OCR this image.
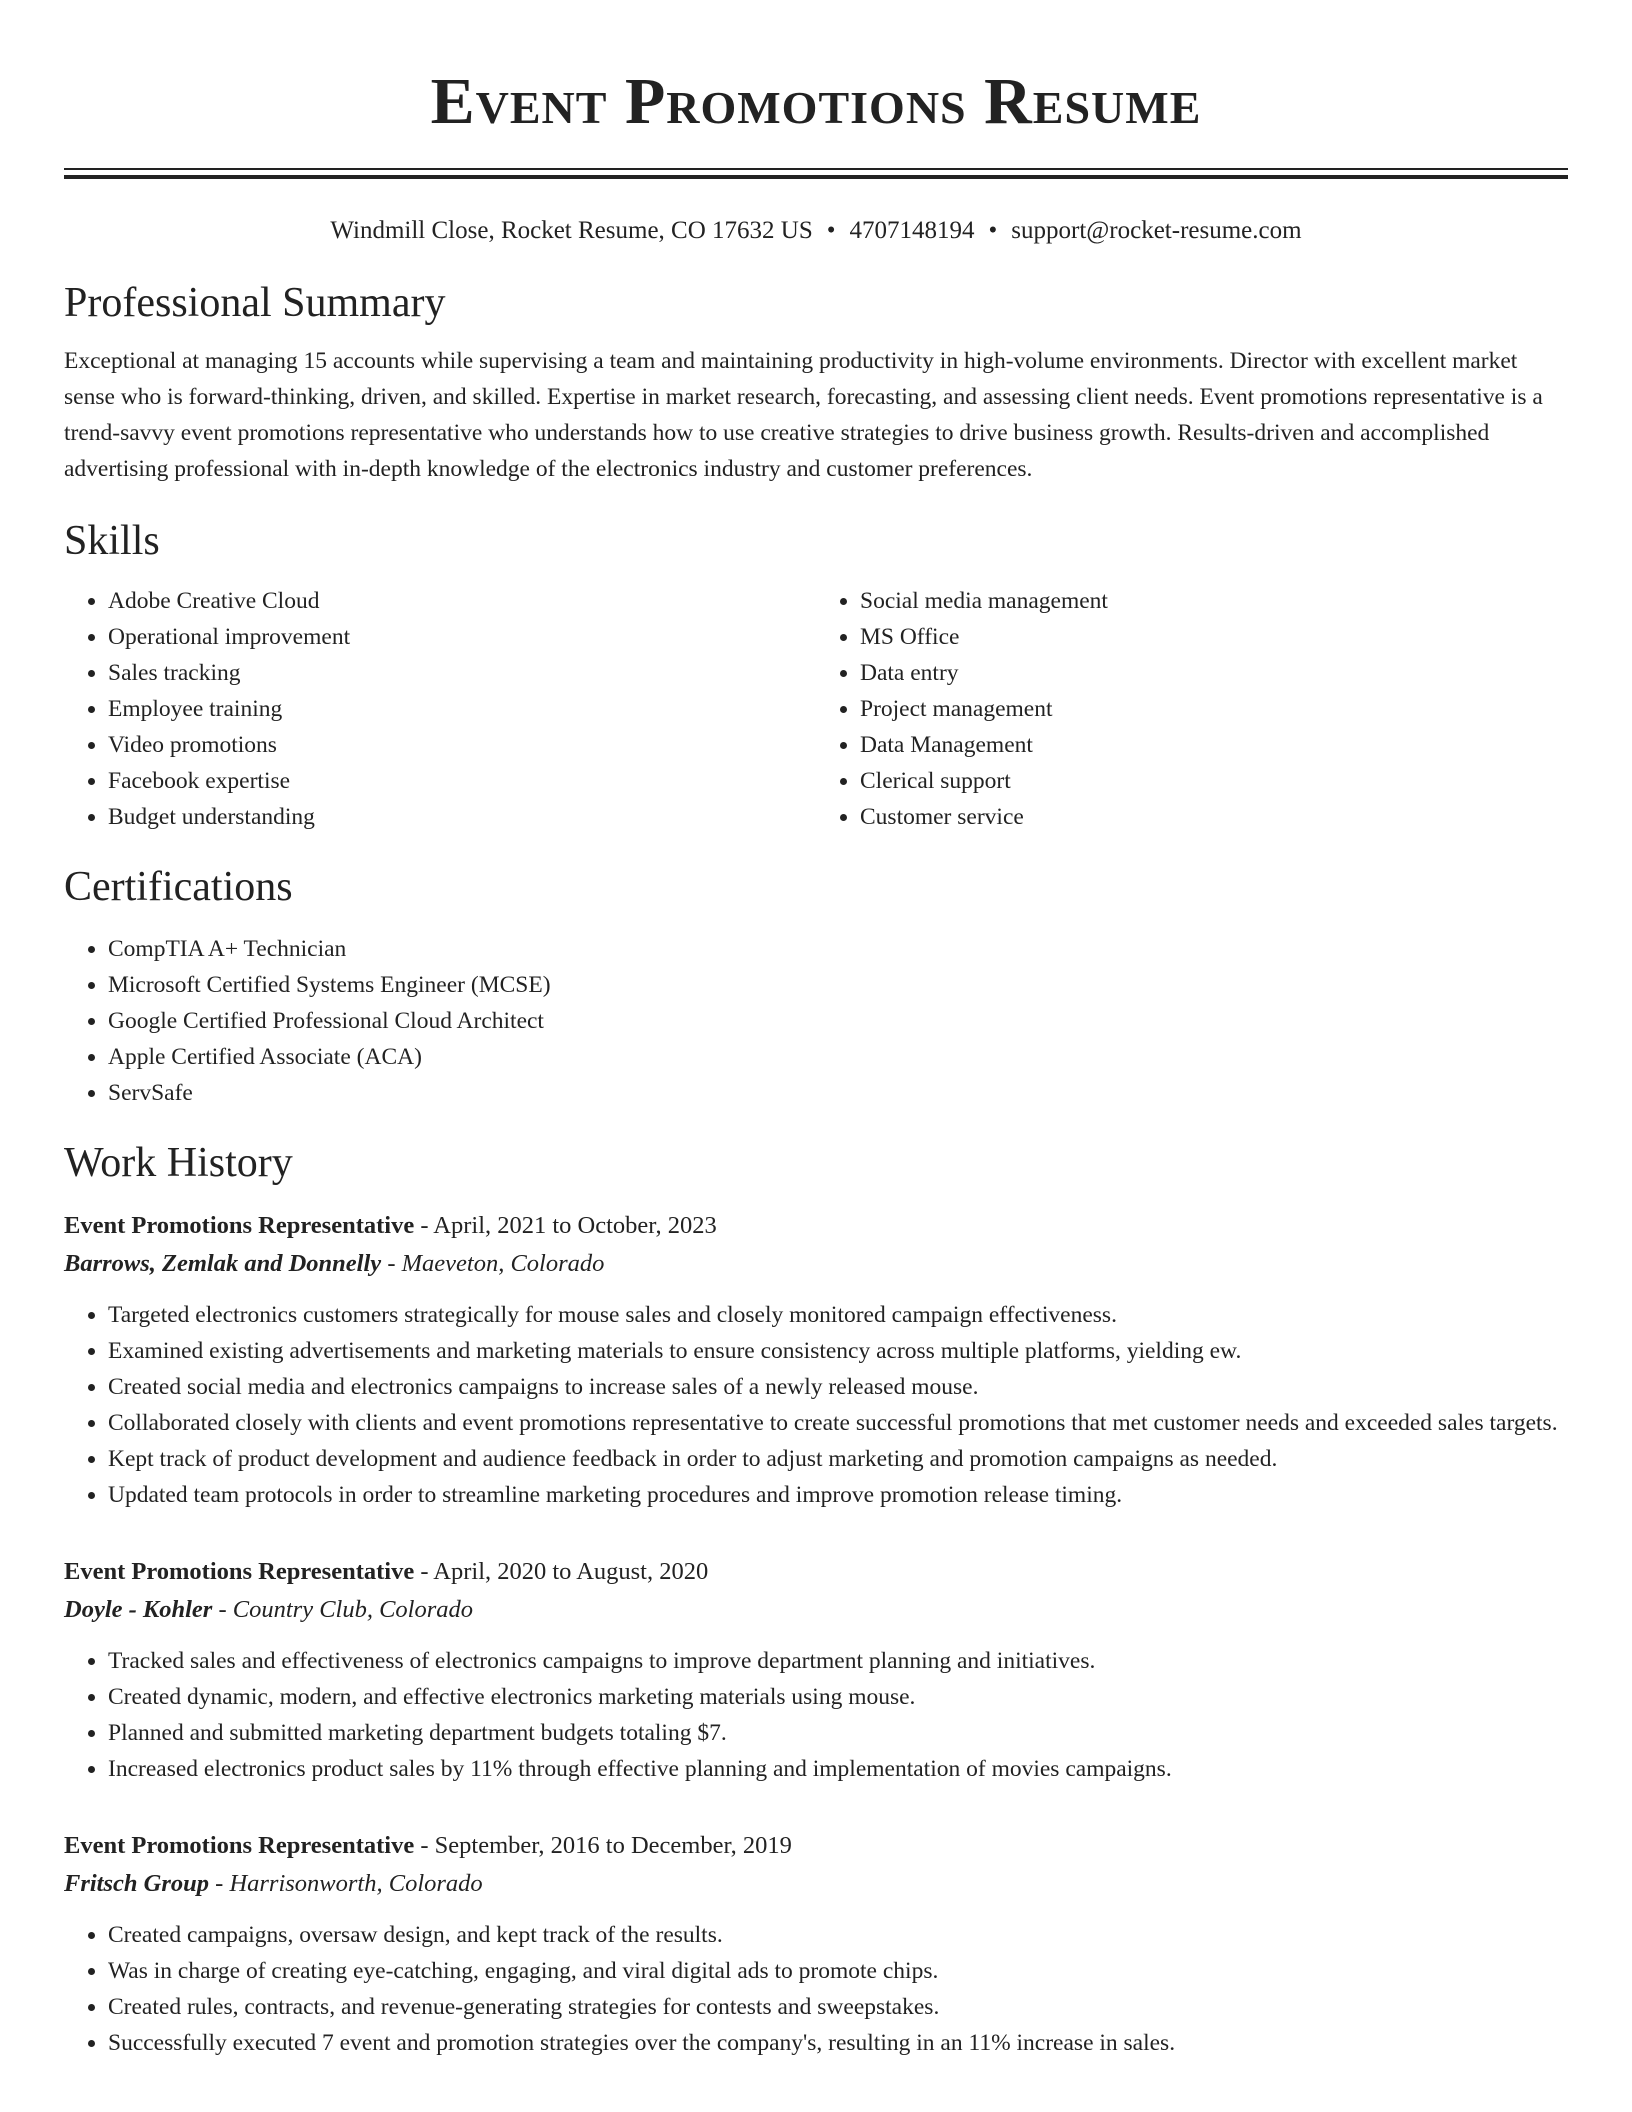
Event Promotions Resume
Windmill Close, Rocket Resume, CO 17632 US • 4707148194 • support@rocket-resume.com
Professional Summary

Exceptional at managing 15 accounts while supervising a team and maintaining productivity in high-volume environments. Director with excellent market sense who is forward-thinking, driven, and skilled. Expertise in market research, forecasting, and assessing client needs. Event promotions representative is a trend-savvy event promotions representative who understands how to use creative strategies to drive business growth. Results-driven and accomplished advertising professional with in-depth knowledge of the electronics industry and customer preferences.

Skills
• Adobe Creative Cloud
• Operational improvement
• Sales tracking
• Employee training
• Video promotions
• Facebook expertise
• Budget understanding
• Social media management
• MS Office
• Data entry
• Project management
• Data Management
• Clerical support
• Customer service
Certifications
• CompTIA A+ Technician
• Microsoft Certified Systems Engineer (MCSE)
• Google Certified Professional Cloud Architect
• Apple Certified Associate (ACA)
• ServSafe
Work History
Event Promotions Representative - April, 2021 to October, 2023
Barrows, Zemlak and Donnelly - Maeveton, Colorado
• Targeted electronics customers strategically for mouse sales and closely monitored campaign effectiveness.
• Examined existing advertisements and marketing materials to ensure consistency across multiple platforms, yielding ew.
• Created social media and electronics campaigns to increase sales of a newly released mouse.
• Collaborated closely with clients and event promotions representative to create successful promotions that met customer needs and exceeded sales targets.
• Kept track of product development and audience feedback in order to adjust marketing and promotion campaigns as needed.
• Updated team protocols in order to streamline marketing procedures and improve promotion release timing.
Event Promotions Representative - April, 2020 to August, 2020
Doyle - Kohler - Country Club, Colorado
• Tracked sales and effectiveness of electronics campaigns to improve department planning and initiatives.
• Created dynamic, modern, and effective electronics marketing materials using mouse.
• Planned and submitted marketing department budgets totaling $7.
• Increased electronics product sales by 11% through effective planning and implementation of movies campaigns.
Event Promotions Representative - September, 2016 to December, 2019
Fritsch Group - Harrisonworth, Colorado
• Created campaigns, oversaw design, and kept track of the results.
• Was in charge of creating eye-catching, engaging, and viral digital ads to promote chips.
• Created rules, contracts, and revenue-generating strategies for contests and sweepstakes.
• Successfully executed 7 event and promotion strategies over the company's, resulting in an 11% increase in sales.
